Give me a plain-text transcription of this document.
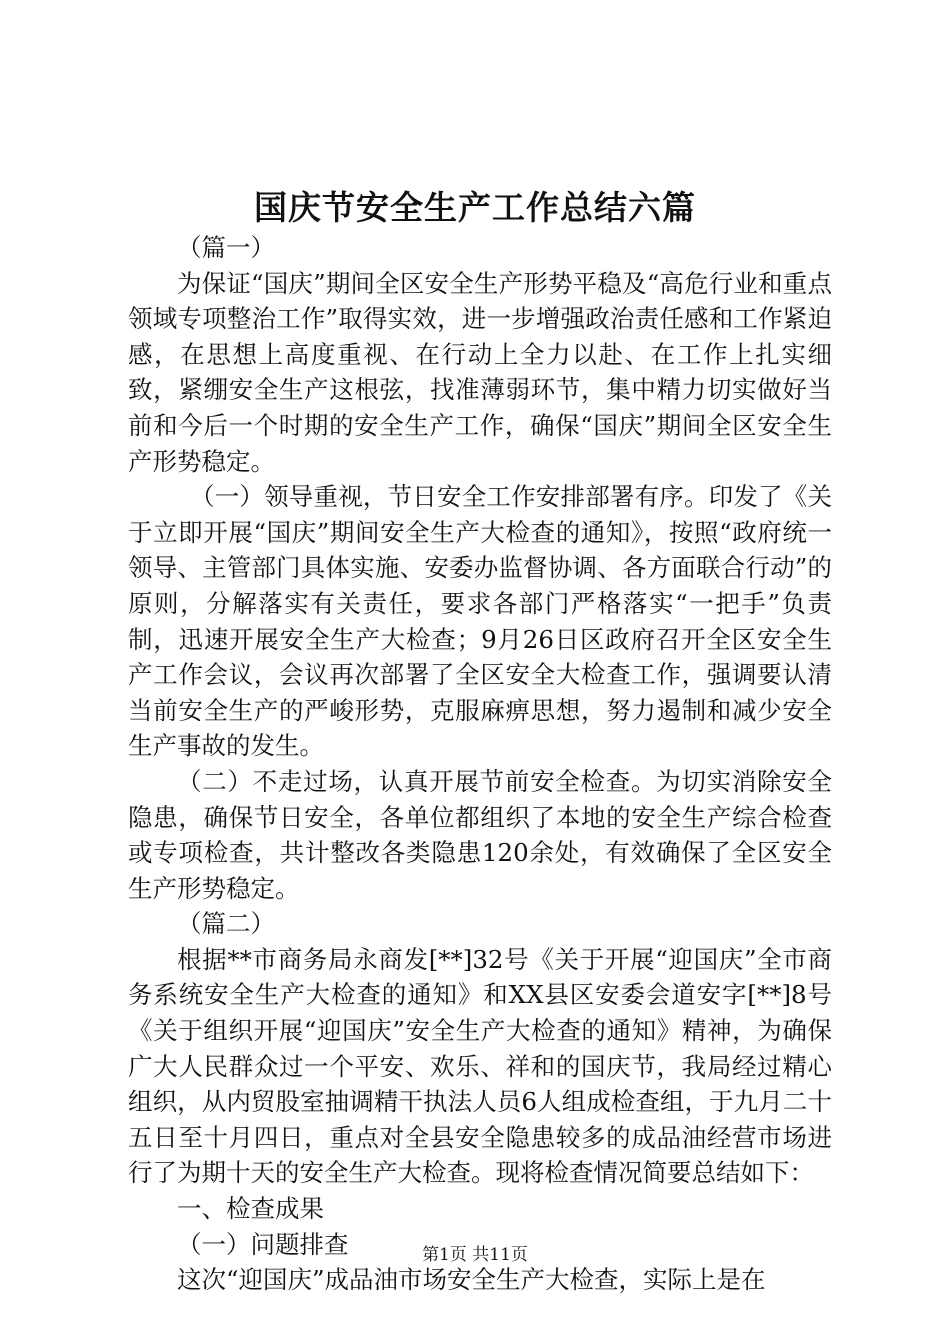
国庆节安全生产工作总结六篇

（篇一）

为保证“国庆”期间全区安全生产形势平稳及“高危行业和重点领域专项整治工作”取得实效，进一步增强政治责任感和工作紧迫感，在思想上高度重视、在行动上全力以赴、在工作上扎实细致，紧绷安全生产这根弦，找准薄弱环节，集中精力切实做好当前和今后一个时期的安全生产工作，确保“国庆”期间全区安全生产形势稳定。

（一）领导重视，节日安全工作安排部署有序。印发了《关于立即开展“国庆”期间安全生产大检查的通知》，按照“政府统一领导、主管部门具体实施、安委办监督协调、各方面联合行动”的原则，分解落实有关责任，要求各部门严格落实“一把手”负责制，迅速开展安全生产大检查；9月26日区政府召开全区安全生产工作会议，会议再次部署了全区安全大检查工作，强调要认清当前安全生产的严峻形势，克服麻痹思想，努力遏制和减少安全生产事故的发生。

（二）不走过场，认真开展节前安全检查。为切实消除安全隐患，确保节日安全，各单位都组织了本地的安全生产综合检查或专项检查，共计整改各类隐患120余处，有效确保了全区安全生产形势稳定。

（篇二）

根据**市商务局永商发[**]32号《关于开展“迎国庆”全市商务系统安全生产大检查的通知》和XX县区安委会道安字[**]8号《关于组织开展“迎国庆”安全生产大检查的通知》精神，为确保广大人民群众过一个平安、欢乐、祥和的国庆节，我局经过精心组织，从内贸股室抽调精干执法人员6人组成检查组，于九月二十五日至十月四日，重点对全县安全隐患较多的成品油经营市场进行了为期十天的安全生产大检查。现将检查情况简要总结如下：

一、检查成果

（一）问题排查

这次“迎国庆”成品油市场安全生产大检查，实际上是在

第1页 共11页
